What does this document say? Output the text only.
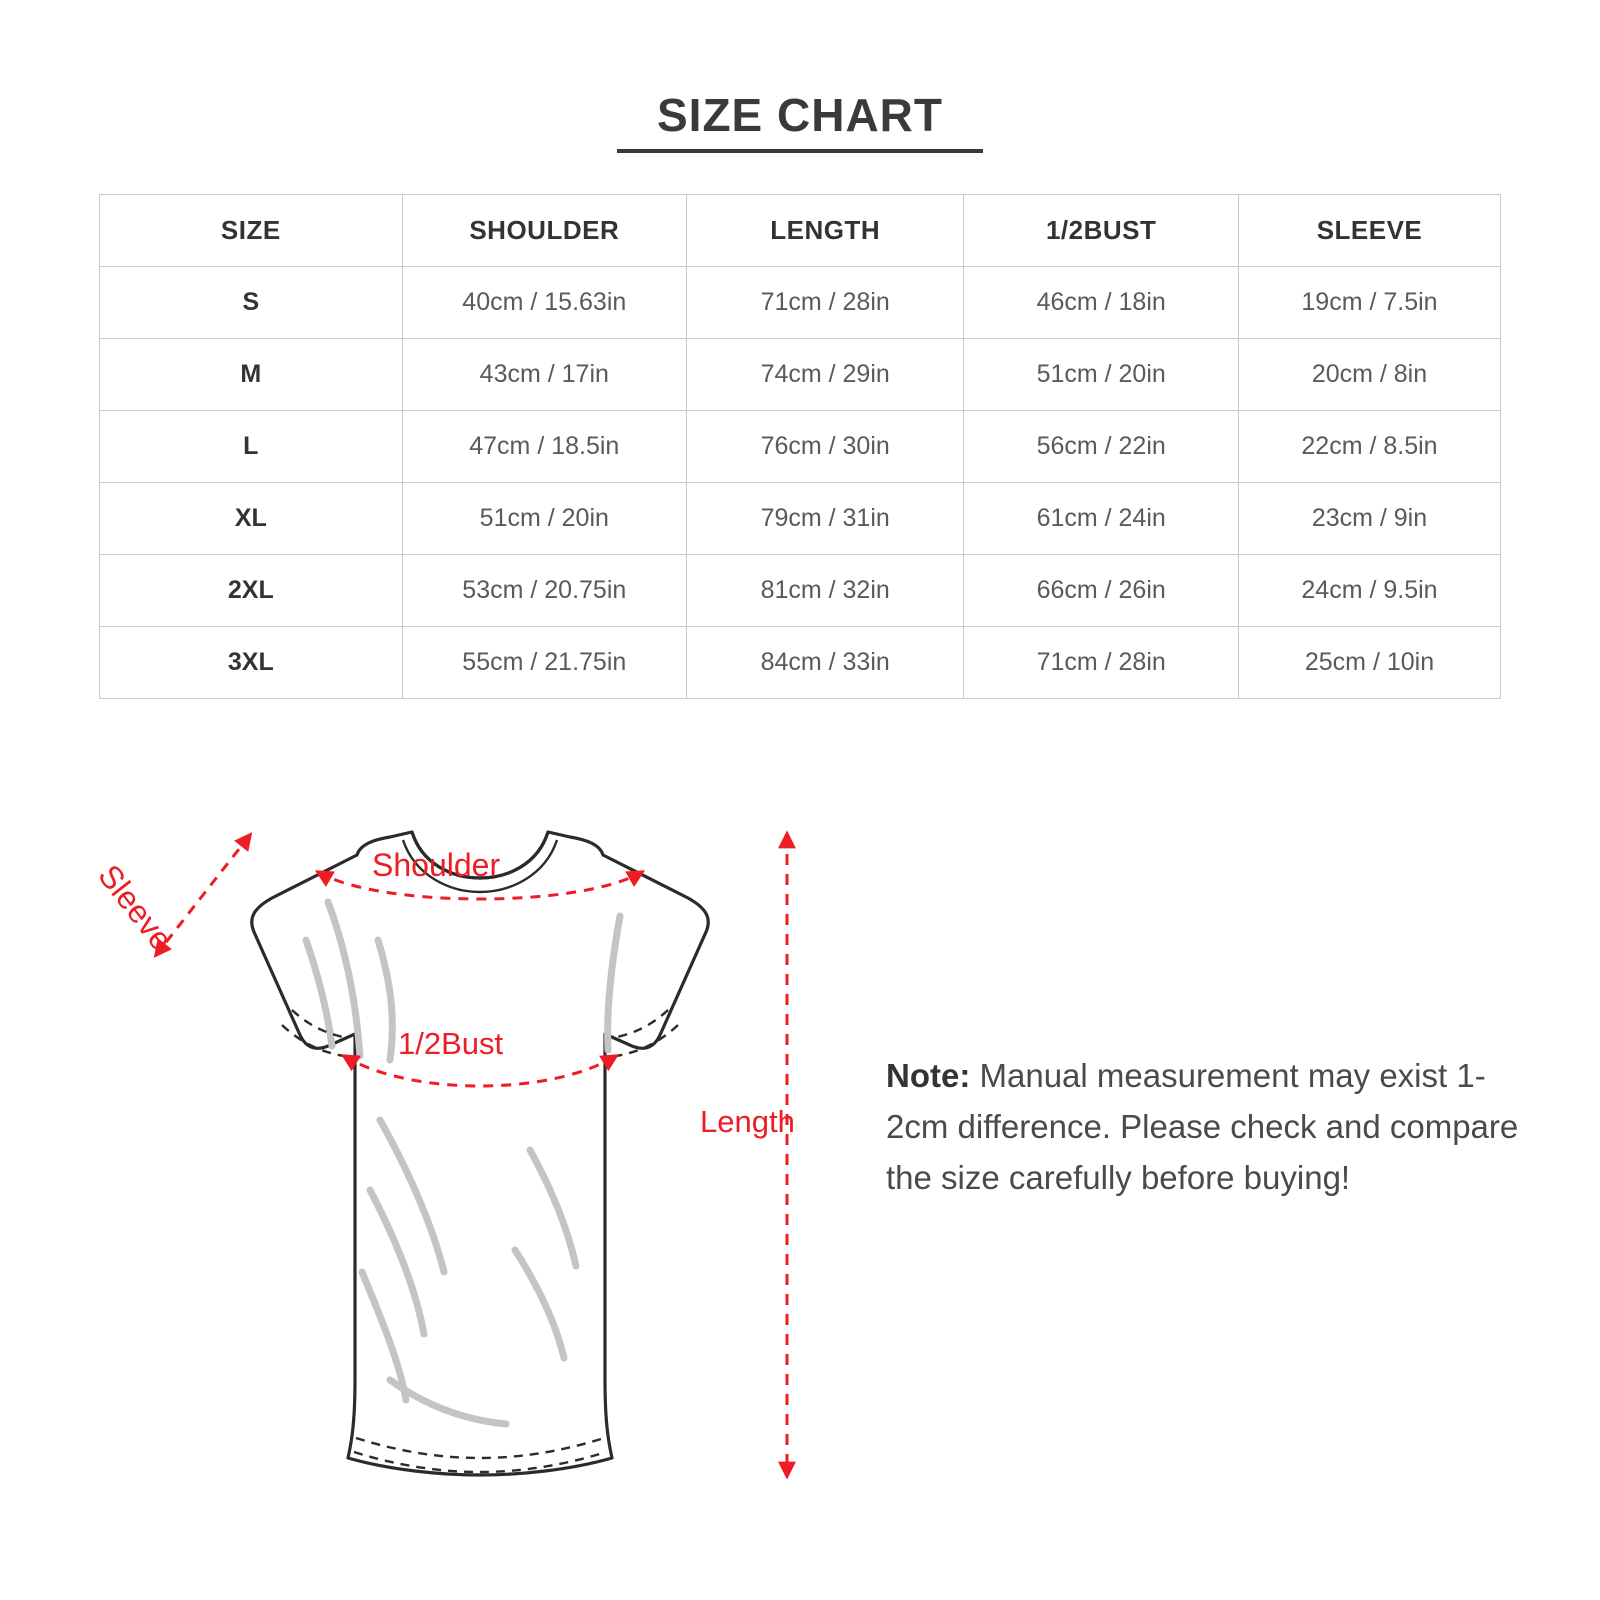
SIZE CHART
SIZE	SHOULDER	LENGTH	1/2BUST	SLEEVE
S	40cm / 15.63in	71cm / 28in	46cm / 18in	19cm / 7.5in
M	43cm / 17in	74cm / 29in	51cm / 20in	20cm / 8in
L	47cm / 18.5in	76cm / 30in	56cm / 22in	22cm / 8.5in
XL	51cm / 20in	79cm / 31in	61cm / 24in	23cm / 9in
2XL	53cm / 20.75in	81cm / 32in	66cm / 26in	24cm / 9.5in
3XL	55cm / 21.75in	84cm / 33in	71cm / 28in	25cm / 10in
Sleeve	Shoulder
1/2Bust
Length
Note: Manual measurement may exist 1-2cm difference. Please check and compare the size carefully before buying!
